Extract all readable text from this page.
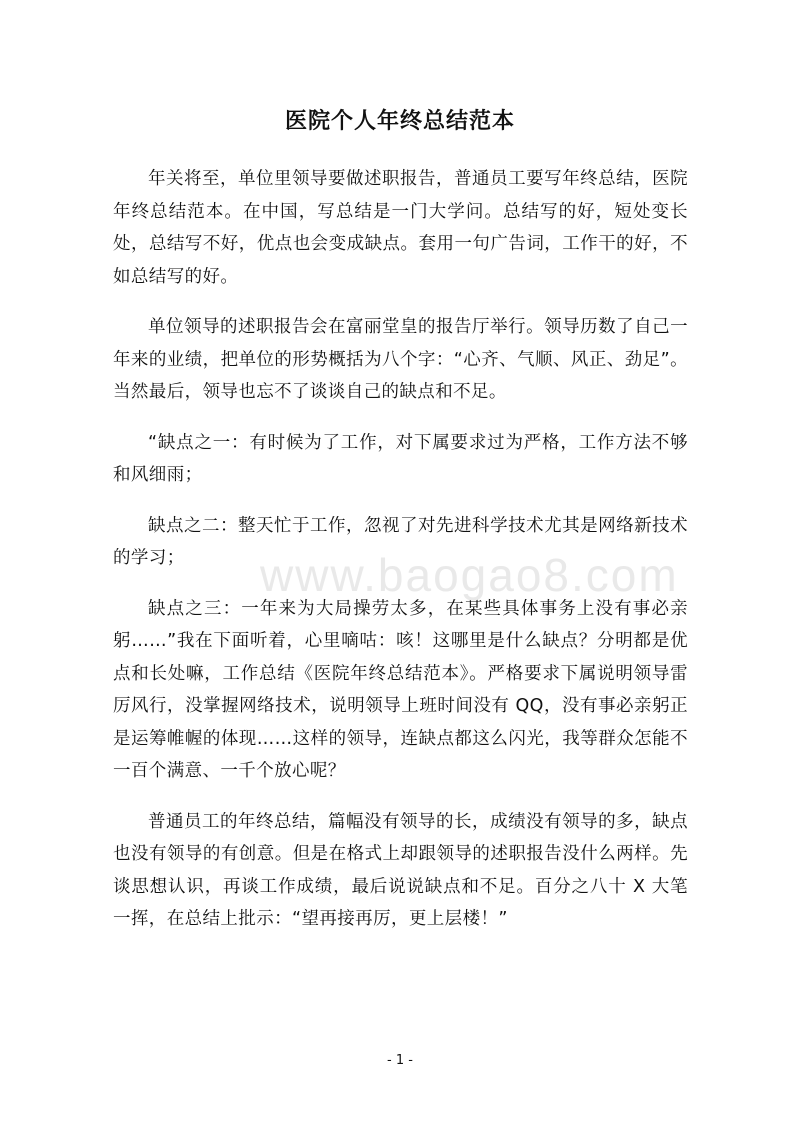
医院个人年终总结范本

年关将至，单位里领导要做述职报告，普通员工要写年终总结，医院年终总结范本。在中国，写总结是一门大学问。总结写的好，短处变长处，总结写不好，优点也会变成缺点。套用一句广告词，工作干的好，不如总结写的好。

单位领导的述职报告会在富丽堂皇的报告厅举行。领导历数了自己一年来的业绩，把单位的形势概括为八个字：“心齐、气顺、风正、劲足”。当然最后，领导也忘不了谈谈自己的缺点和不足。

“缺点之一：有时候为了工作，对下属要求过为严格，工作方法不够和风细雨；

缺点之二：整天忙于工作，忽视了对先进科学技术尤其是网络新技术的学习；

缺点之三：一年来为大局操劳太多，在某些具体事务上没有事必亲躬……”我在下面听着，心里嘀咕：咳！这哪里是什么缺点？分明都是优点和长处嘛，工作总结《医院年终总结范本》。严格要求下属说明领导雷厉风行，没掌握网络技术，说明领导上班时间没有 QQ，没有事必亲躬正是运筹帷幄的体现……这样的领导，连缺点都这么闪光，我等群众怎能不一百个满意、一千个放心呢？

普通员工的年终总结，篇幅没有领导的长，成绩没有领导的多，缺点也没有领导的有创意。但是在格式上却跟领导的述职报告没什么两样。先谈思想认识，再谈工作成绩，最后说说缺点和不足。百分之八十 X 大笔一挥，在总结上批示：“望再接再厉，更上层楼！”

www.baogao8.com
- 1 -
